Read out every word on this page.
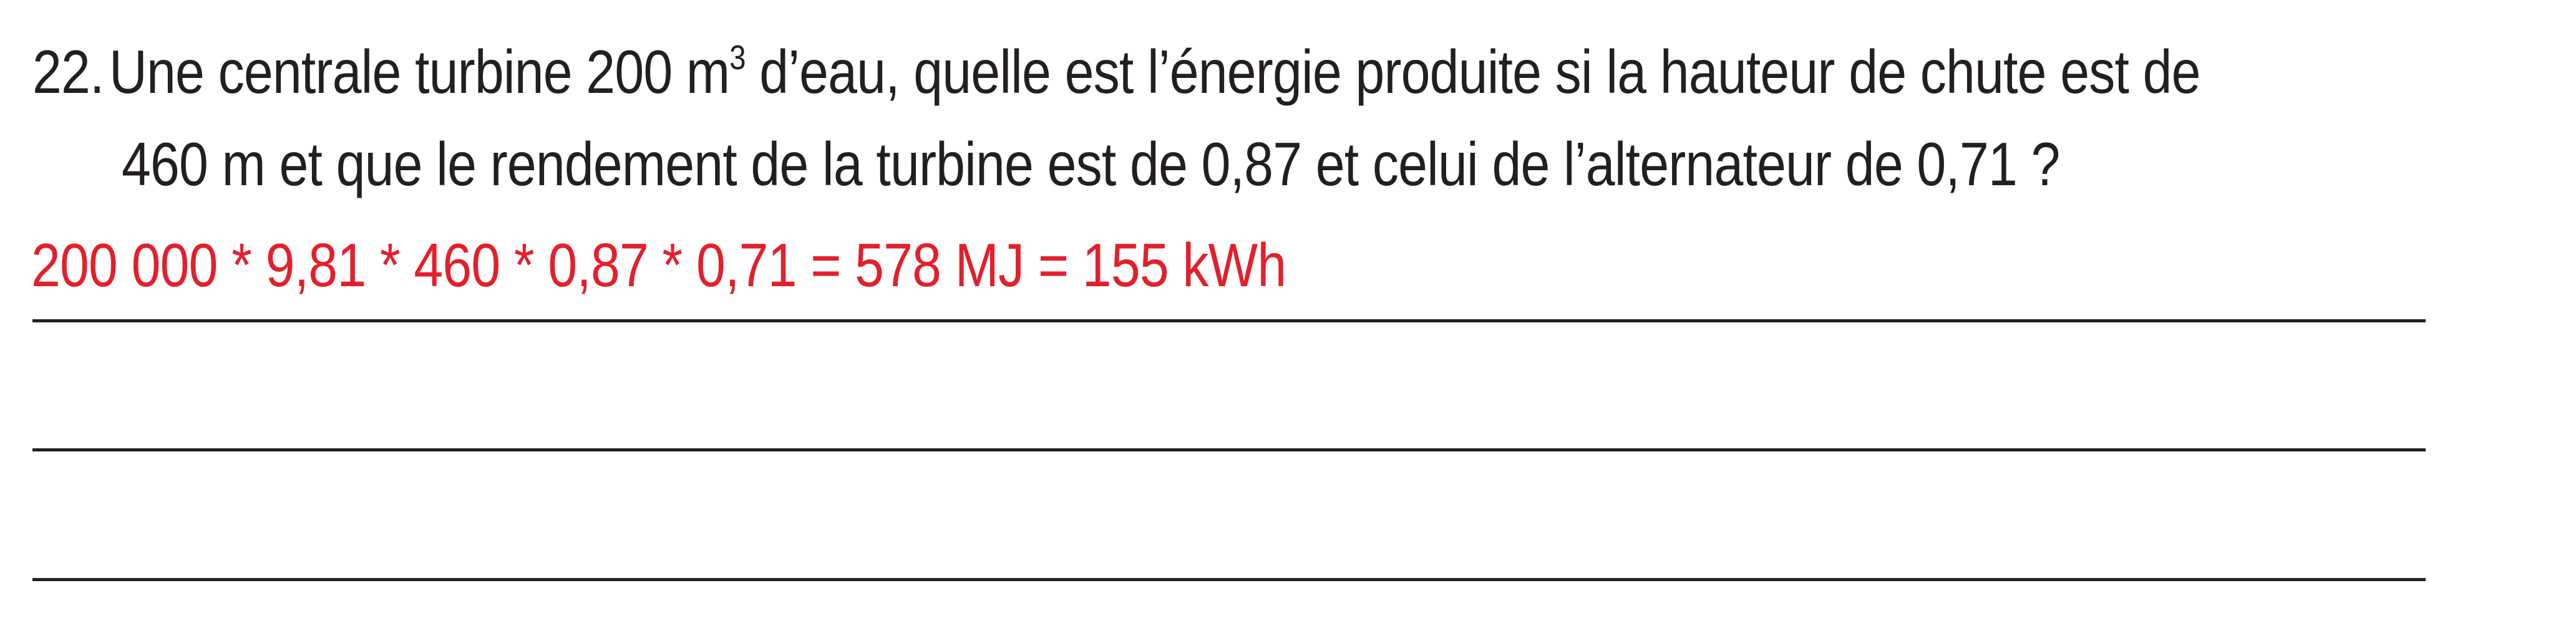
22.Une centrale turbine 200 $m^3$ d’eau, quelle est l’énergie produite si la hauteur de chute est de
460 m et que le rendement de la turbine est de 0,87 et celui de l’alternateur de 0,71 ?
200 000 * 9,81 * 460 * 0,87 * 0,71 = 578 MJ = 155 kWh
